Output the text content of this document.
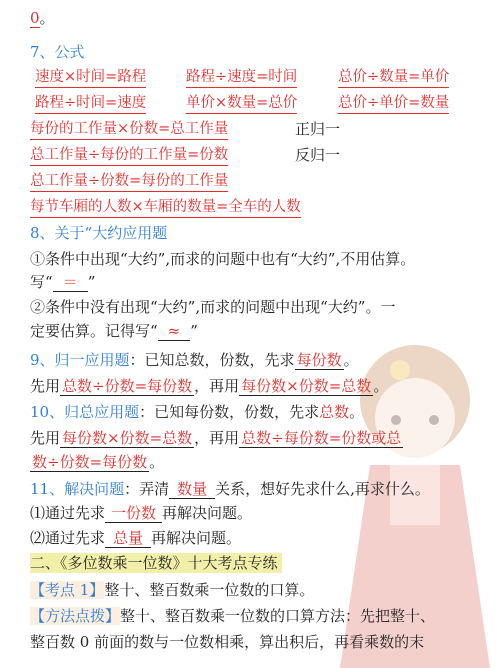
0。
7、公式
速度×时间=路程	路程÷速度=时间	总价÷数量=单价
路程÷时间=速度	单价×数量=总价	总价÷单价=数量
每份的工作量×份数=总工作量	正归一
总工作量÷每份的工作量=份数	反归一
总工作量÷份数=每份的工作量
每节车厢的人数×车厢的数量=全车的人数
8、关于“大约应用题
①条件中出现“大约”,而求的问题中也有“大约”,不用估算。
写“ ＝ ”
②条件中没有出现“大约”,而求的问题中出现“大约”。一
定要估算。记得写“ ≈ ”
9、归一应用题：已知总数，份数，先求 每份数 。
先用 总数÷份数=每份数 ，再用 每份数×份数=总数 。
10、归总应用题：已知每份数，份数，先求总数。
先用 每份数×份数=总数 ，再用 总数÷每份数=份数或总
数÷份数=每份数 。
11、解决问题：弄清 数量 关系，想好先求什么,再求什么。
⑴通过先求 一份数 再解决问题。
⑵通过先求 总量 再解决问题。
二、《多位数乘一位数》十大考点专练
【考点 1】整十、整百数乘一位数的口算。
【方法点拨】整十、整百数乘一位数的口算方法：先把整十、
整百数 0 前面的数与一位数相乘，算出积后，再看乘数的末
